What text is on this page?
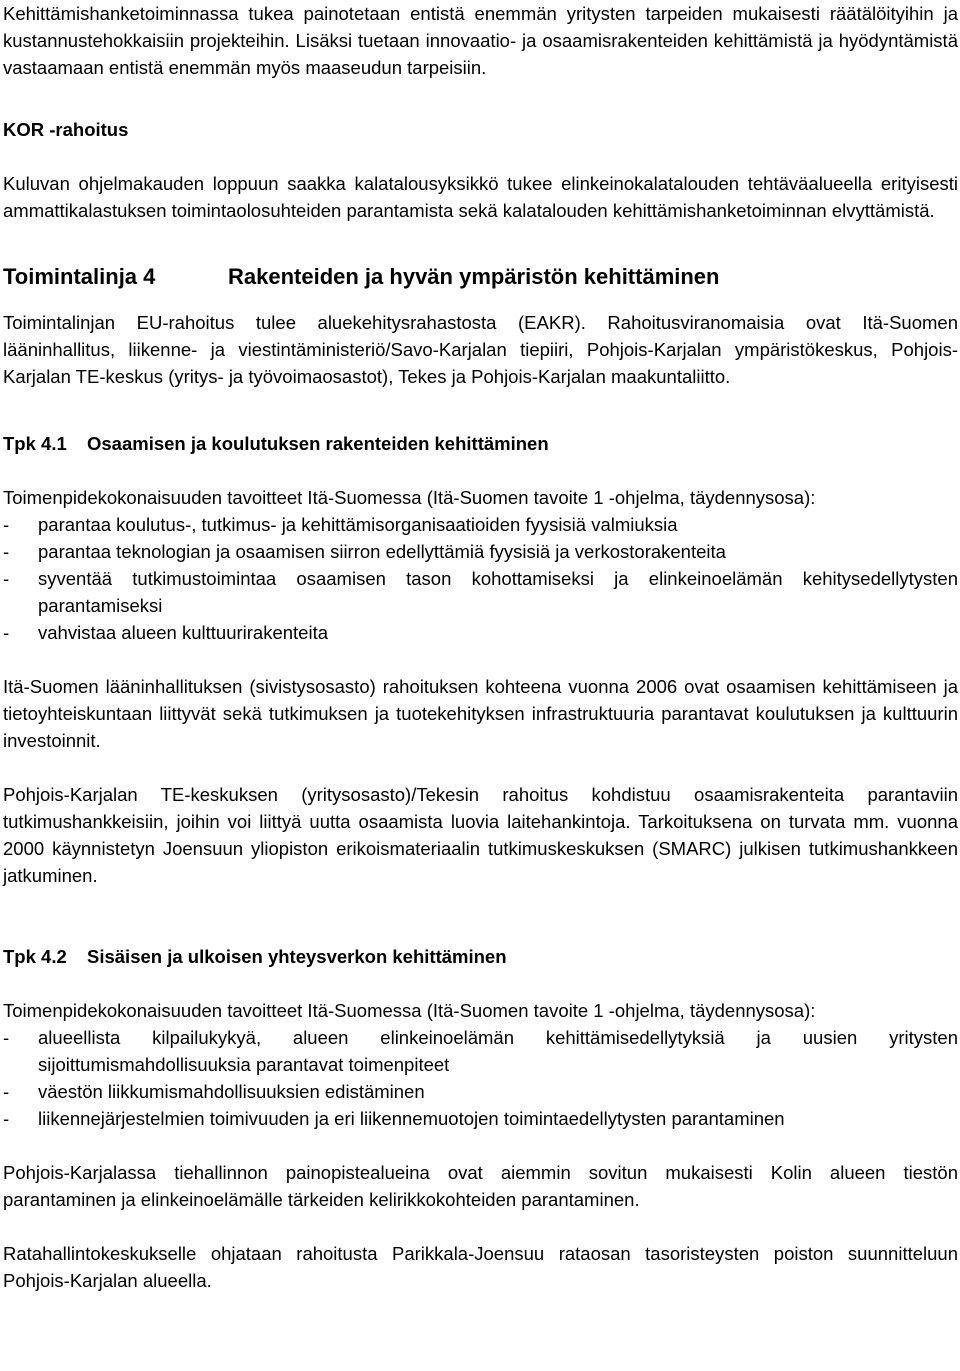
Kehittämishanketoiminnassa tukea painotetaan entistä enemmän yritysten tarpeiden mukaisesti räätälöityihin ja kustannustehokkaisiin projekteihin. Lisäksi tuetaan innovaatio- ja osaamisrakenteiden kehittämistä ja hyödyntämistä vastaamaan entistä enemmän myös maaseudun tarpeisiin.

KOR -rahoitus

Kuluvan ohjelmakauden loppuun saakka kalatalousyksikkö tukee elinkeinokalatalouden tehtäväalueella erityisesti ammattikalastuksen toimintaolosuhteiden parantamista sekä kalatalouden kehittämishanketoiminnan elvyttämistä.

Toimintalinja 4	Rakenteiden ja hyvän ympäristön kehittäminen

Toimintalinjan EU-rahoitus tulee aluekehitysrahastosta (EAKR). Rahoitusviranomaisia ovat Itä-Suomen lääninhallitus, liikenne- ja viestintäministeriö/Savo-Karjalan tiepiiri, Pohjois-Karjalan ympäristökeskus, Pohjois-Karjalan TE-keskus (yritys- ja työvoimaosastot), Tekes ja Pohjois-Karjalan maakuntaliitto.

Tpk 4.1	Osaamisen ja koulutuksen rakenteiden kehittäminen

Toimenpidekokonaisuuden tavoitteet Itä-Suomessa (Itä-Suomen tavoite 1 -ohjelma, täydennysosa):

- parantaa koulutus-, tutkimus- ja kehittämisorganisaatioiden fyysisiä valmiuksia
- parantaa teknologian ja osaamisen siirron edellyttämiä fyysisiä ja verkostorakenteita
- syventää tutkimustoimintaa osaamisen tason kohottamiseksi ja elinkeinoelämän kehitysedellytysten parantamiseksi
- vahvistaa alueen kulttuurirakenteita

Itä-Suomen lääninhallituksen (sivistysosasto) rahoituksen kohteena vuonna 2006 ovat osaamisen kehittämiseen ja tietoyhteiskuntaan liittyvät sekä tutkimuksen ja tuotekehityksen infrastruktuuria parantavat koulutuksen ja kulttuurin investoinnit.

Pohjois-Karjalan TE-keskuksen (yritysosasto)/Tekesin rahoitus kohdistuu osaamisrakenteita parantaviin tutkimushankkeisiin, joihin voi liittyä uutta osaamista luovia laitehankintoja. Tarkoituksena on turvata mm. vuonna 2000 käynnistetyn Joensuun yliopiston erikoismateriaalin tutkimuskeskuksen (SMARC) julkisen tutkimushankkeen jatkuminen.

Tpk 4.2	Sisäisen ja ulkoisen yhteysverkon kehittäminen

Toimenpidekokonaisuuden tavoitteet Itä-Suomessa (Itä-Suomen tavoite 1 -ohjelma, täydennysosa):

- alueellista kilpailukykyä, alueen elinkeinoelämän kehittämisedellytyksiä ja uusien yritysten sijoittumismahdollisuuksia parantavat toimenpiteet
- väestön liikkumismahdollisuuksien edistäminen
- liikennejärjestelmien toimivuuden ja eri liikennemuotojen toimintaedellytysten parantaminen

Pohjois-Karjalassa tiehallinnon painopistealueina ovat aiemmin sovitun mukaisesti Kolin alueen tiestön parantaminen ja elinkeinoelämälle tärkeiden kelirikkokohteiden parantaminen.

Ratahallintokeskukselle ohjataan rahoitusta Parikkala-Joensuu rataosan tasoristeysten poiston suunnitteluun Pohjois-Karjalan alueella.
